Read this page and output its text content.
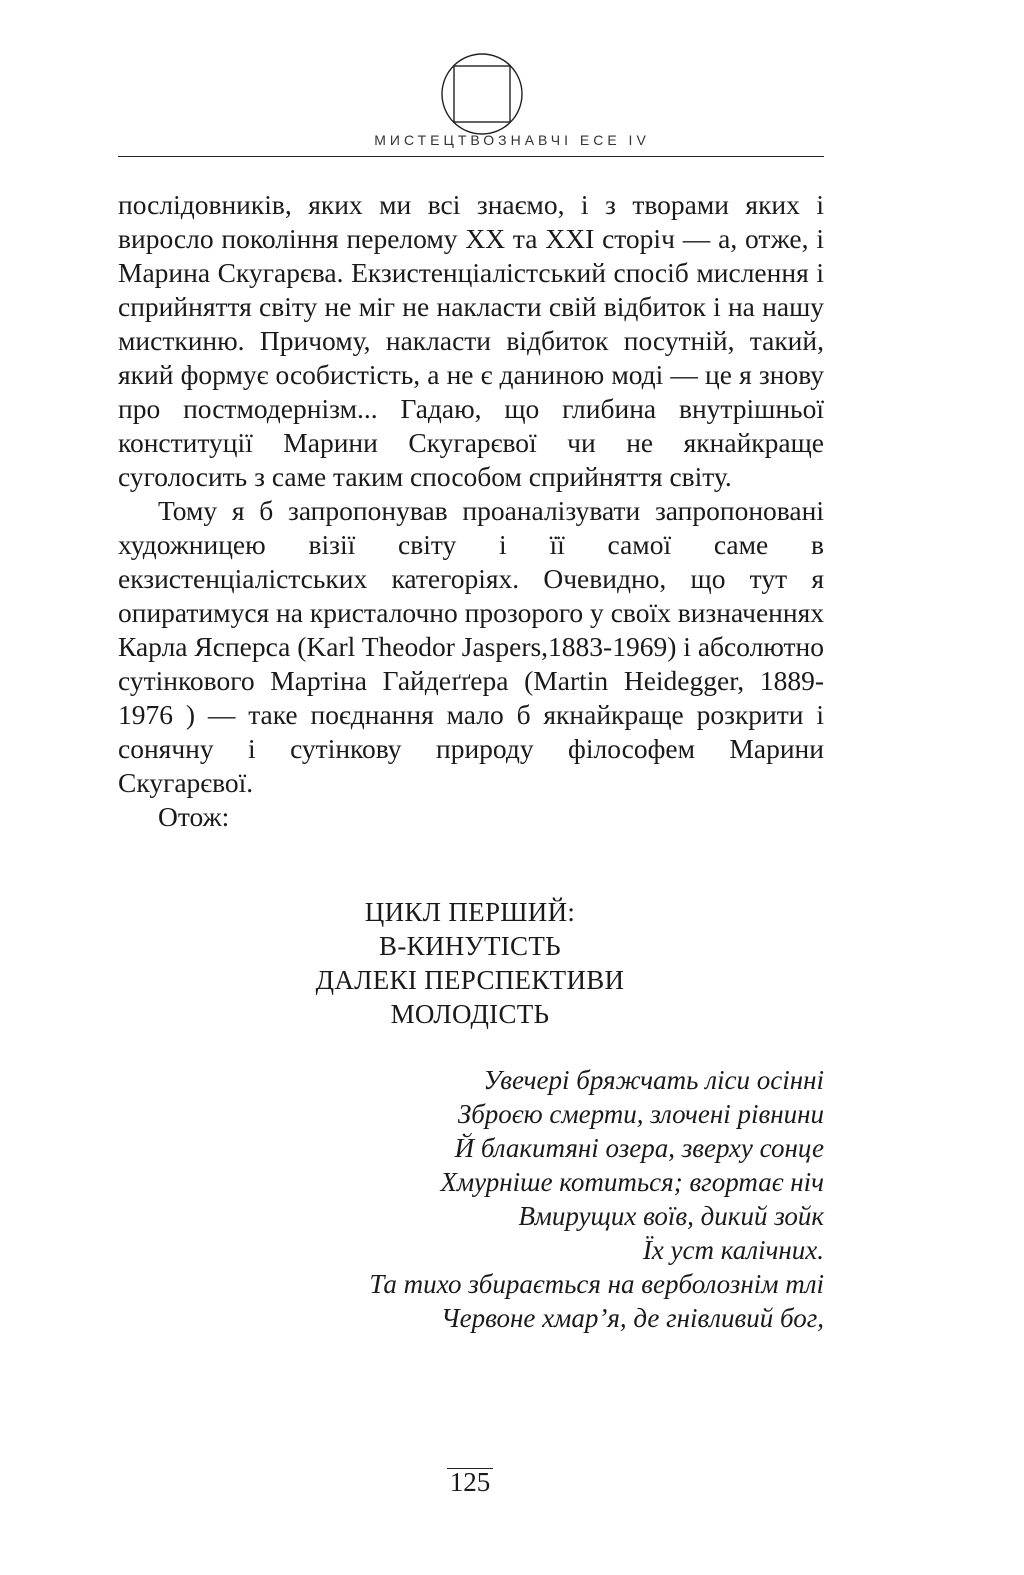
МИСТЕЦТВОЗНАВЧІ ЕСЕ IV

послідовників, яких ми всі знаємо, і з творами яких і виросло покоління перелому XX та XXI сторіч — а, отже, і Марина Скугарєва. Екзистенціалістський спосіб мислення і сприйняття світу не міг не накласти свій відбиток і на нашу мисткиню. Причому, накласти відбиток посутній, такий, який формує особистість, а не є даниною моді — це я знову про постмодернізм... Гадаю, що глибина внутрішньої конституції Марини Скугарєвої чи не якнайкраще суголосить з саме таким способом сприйняття світу.

Тому я б запропонував проаналізувати запропоновані художницею візії світу і її самої саме в екзистенціалістських категоріях. Очевидно, що тут я опиратимуся на кристалочно прозорого у своїх визначеннях Карла Ясперса (Karl Theodor Jaspers,1883-1969) і абсолютно сутінкового Мартіна Гайдеґґера (Martin Heidegger, 1889-1976 ) — таке поєднання мало б якнайкраще розкрити і сонячну і сутінкову природу філософем Марини Скугарєвої.

Отож:

ЦИКЛ ПЕРШИЙ:
В-КИНУТІСТЬ
ДАЛЕКІ ПЕРСПЕКТИВИ
МОЛОДІСТЬ
Увечері бряжчать ліси осінні
Зброєю смерти, злочені рівнини
Й блакитяні озера, зверху сонце
Хмурніше котиться; вгортає ніч
Вмирущих воїв, дикий зойк
Їх уст калічних.
Та тихо збирається на верболознім тлі
Червоне хмар’я, де гнівливий бог,
125
